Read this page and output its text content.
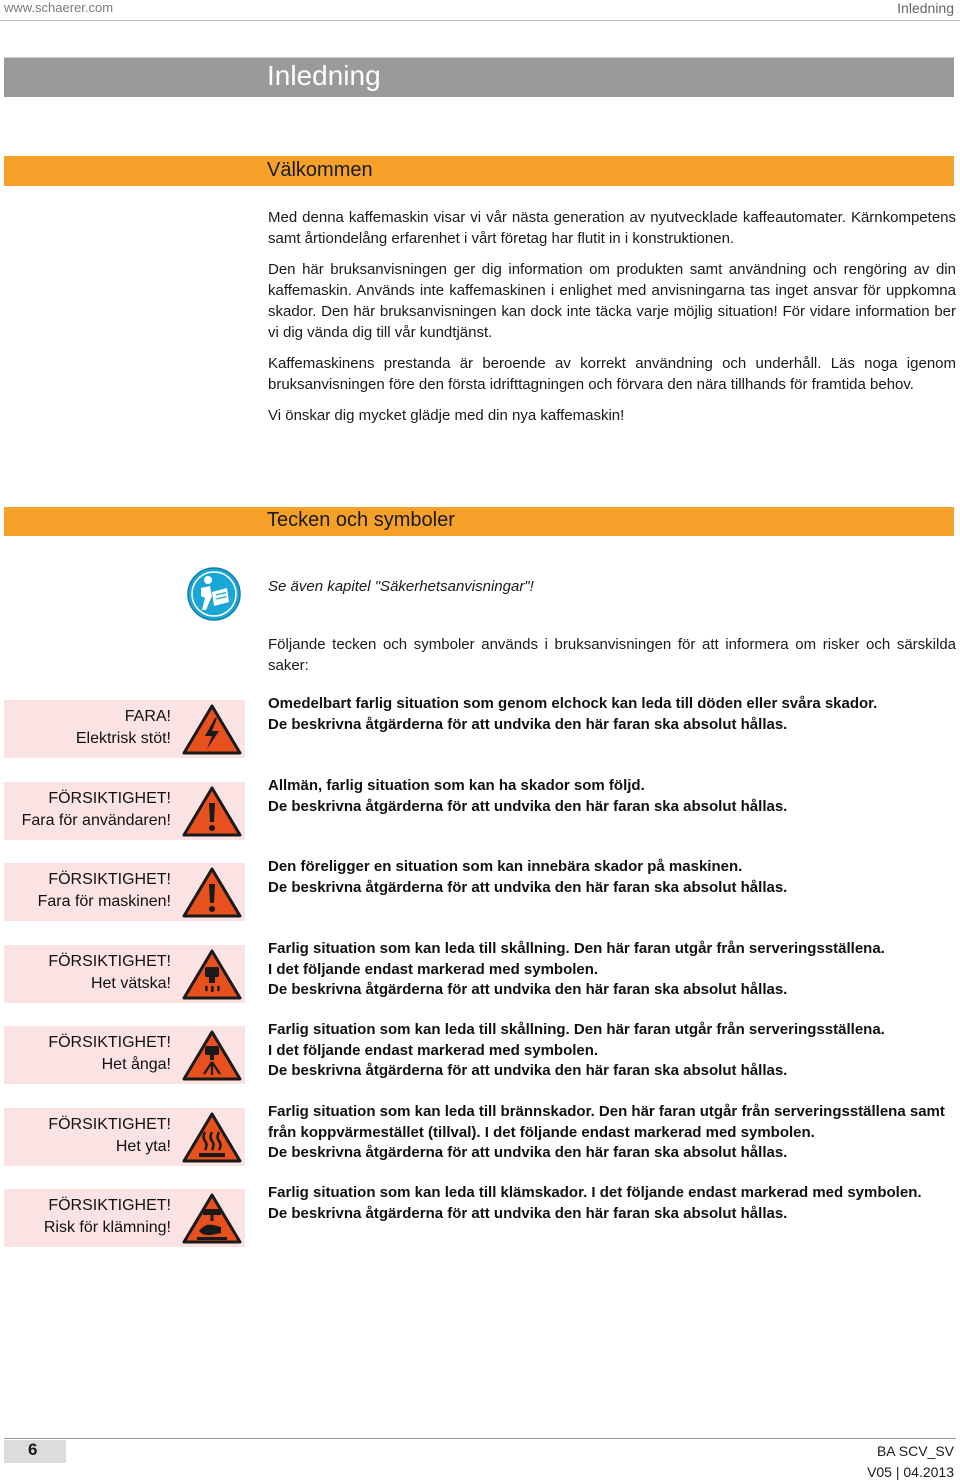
www.schaerer.com	Inledning
Inledning
Välkommen

Med denna kaffemaskin visar vi vår nästa generation av nyutvecklade kaffeautomater. Kärnkompetens samt årtiondelång erfarenhet i vårt företag har flutit in i konstruktionen.

Den här bruksanvisningen ger dig information om produkten samt användning och rengöring av din kaffemaskin. Används inte kaffemaskinen i enlighet med anvisningarna tas inget ansvar för uppkomna skador. Den här bruksanvisningen kan dock inte täcka varje möjlig situation! För vidare information ber vi dig vända dig till vår kundtjänst.

Kaffemaskinens prestanda är beroende av korrekt användning och underhåll. Läs noga igenom bruksanvisningen före den första idrifttagningen och förvara den nära tillhands för framtida behov.

Vi önskar dig mycket glädje med din nya kaffemaskin!

Tecken och symboler
Se även kapitel "Säkerhetsanvisningar"!
Följande tecken och symboler används i bruksanvisningen för att informera om risker och särskilda saker:
FARA!
Elektrisk stöt!
Omedelbart farlig situation som genom elchock kan leda till döden eller svåra skador.
De beskrivna åtgärderna för att undvika den här faran ska absolut hållas.
FÖRSIKTIGHET!
Fara för användaren!
Allmän, farlig situation som kan ha skador som följd.
De beskrivna åtgärderna för att undvika den här faran ska absolut hållas.
FÖRSIKTIGHET!
Fara för maskinen!
Den föreligger en situation som kan innebära skador på maskinen.
De beskrivna åtgärderna för att undvika den här faran ska absolut hållas.
FÖRSIKTIGHET!
Het vätska!
Farlig situation som kan leda till skållning. Den här faran utgår från serveringsställena.
I det följande endast markerad med symbolen.
De beskrivna åtgärderna för att undvika den här faran ska absolut hållas.
FÖRSIKTIGHET!
Het ånga!
Farlig situation som kan leda till skållning. Den här faran utgår från serveringsställena.
I det följande endast markerad med symbolen.
De beskrivna åtgärderna för att undvika den här faran ska absolut hållas.
FÖRSIKTIGHET!
Het yta!
Farlig situation som kan leda till brännskador. Den här faran utgår från serveringsställena samt från koppvärmestället (tillval). I det följande endast markerad med symbolen.
De beskrivna åtgärderna för att undvika den här faran ska absolut hållas.
FÖRSIKTIGHET!
Risk för klämning!
Farlig situation som kan leda till klämskador. I det följande endast markerad med symbolen.
De beskrivna åtgärderna för att undvika den här faran ska absolut hållas.
6	BA SCV_SV
V05 | 04.2013
